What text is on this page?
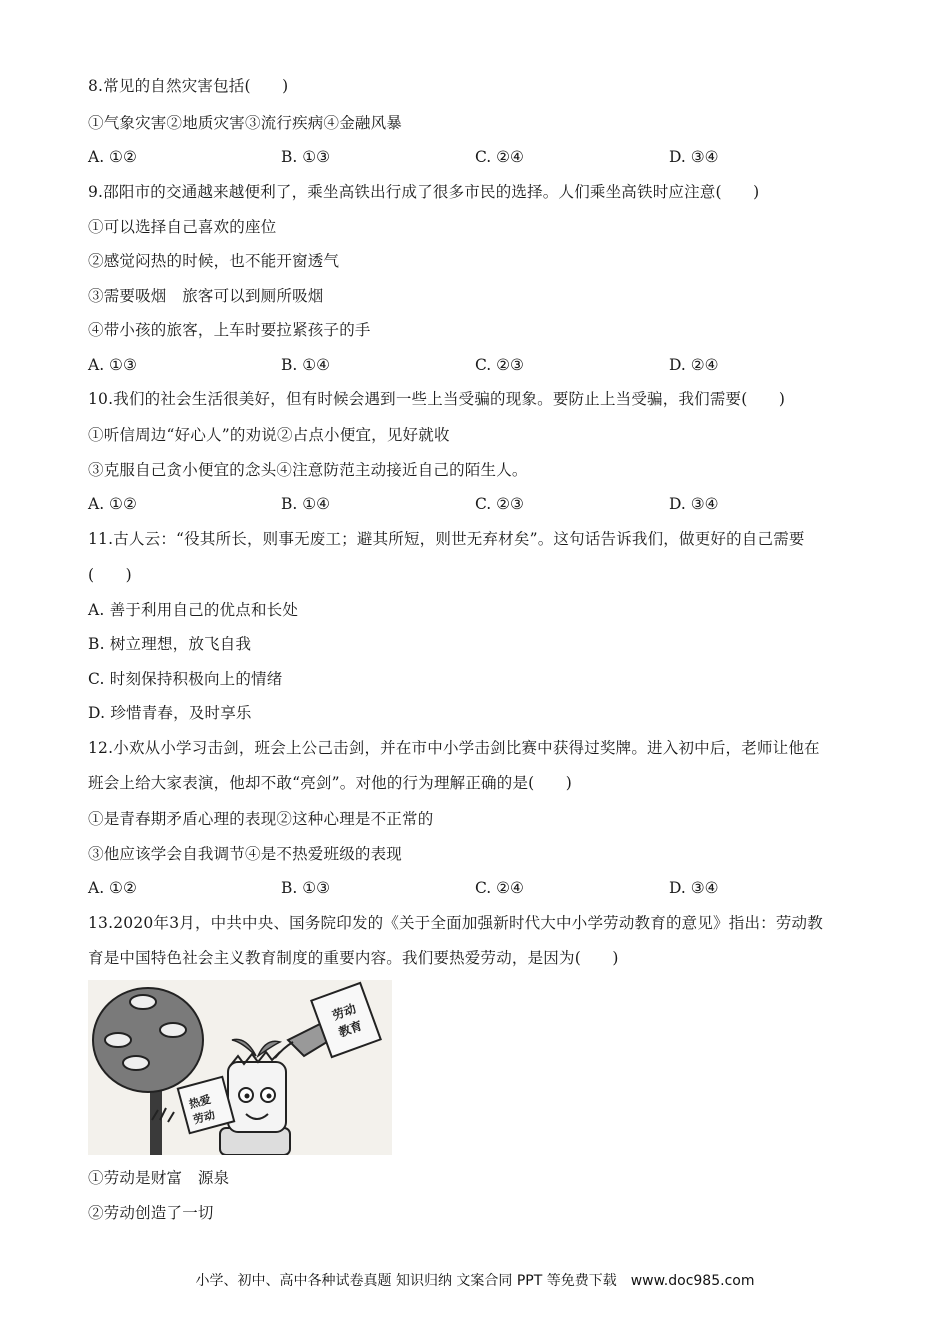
8.常见的自然灾害包括(　　)
①气象灾害②地质灾害③流行疾病④金融风暴
A. ①②	B. ①③	C. ②④	D. ③④
9.邵阳市的交通越来越便利了，乘坐高铁出行成了很多市民的选择。人们乘坐高铁时应注意(　　)
①可以选择自己喜欢的座位
②感觉闷热的时候，也不能开窗透气
③需要吸烟　旅客可以到厕所吸烟
④带小孩的旅客，上车时要拉紧孩子的手
A. ①③	B. ①④	C. ②③	D. ②④
10.我们的社会生活很美好，但有时候会遇到一些上当受骗的现象。要防止上当受骗，我们需要(　　)
①听信周边“好心人”的劝说②占点小便宜，见好就收
③克服自己贪小便宜的念头④注意防范主动接近自己的陌生人。
A. ①②	B. ①④	C. ②③	D. ③④
11.古人云：“役其所长，则事无废工；避其所短，则世无弃材矣”。这句话告诉我们，做更好的自己需要
(　　)
A. 善于利用自己的优点和长处
B. 树立理想，放飞自我
C. 时刻保持积极向上的情绪
D. 珍惜青春，及时享乐
12.小欢从小学习击剑，班会上公己击剑，并在市中小学击剑比赛中获得过奖牌。进入初中后，老师让他在
班会上给大家表演，他却不敢“亮剑”。对他的行为理解正确的是(　　)
①是青春期矛盾心理的表现②这种心理是不正常的
③他应该学会自我调节④是不热爱班级的表现
A. ①②	B. ①③	C. ②④	D. ③④
13.2020年3月，中共中央、国务院印发的《关于全面加强新时代大中小学劳动教育的意见》指出：劳动教
育是中国特色社会主义教育制度的重要内容。我们要热爱劳动，是因为(　　)
劳动
教育
热爱
劳动
①劳动是财富　源泉
②劳动创造了一切
小学、初中、高中各种试卷真题 知识归纳 文案合同 PPT 等免费下载　www.doc985.com
